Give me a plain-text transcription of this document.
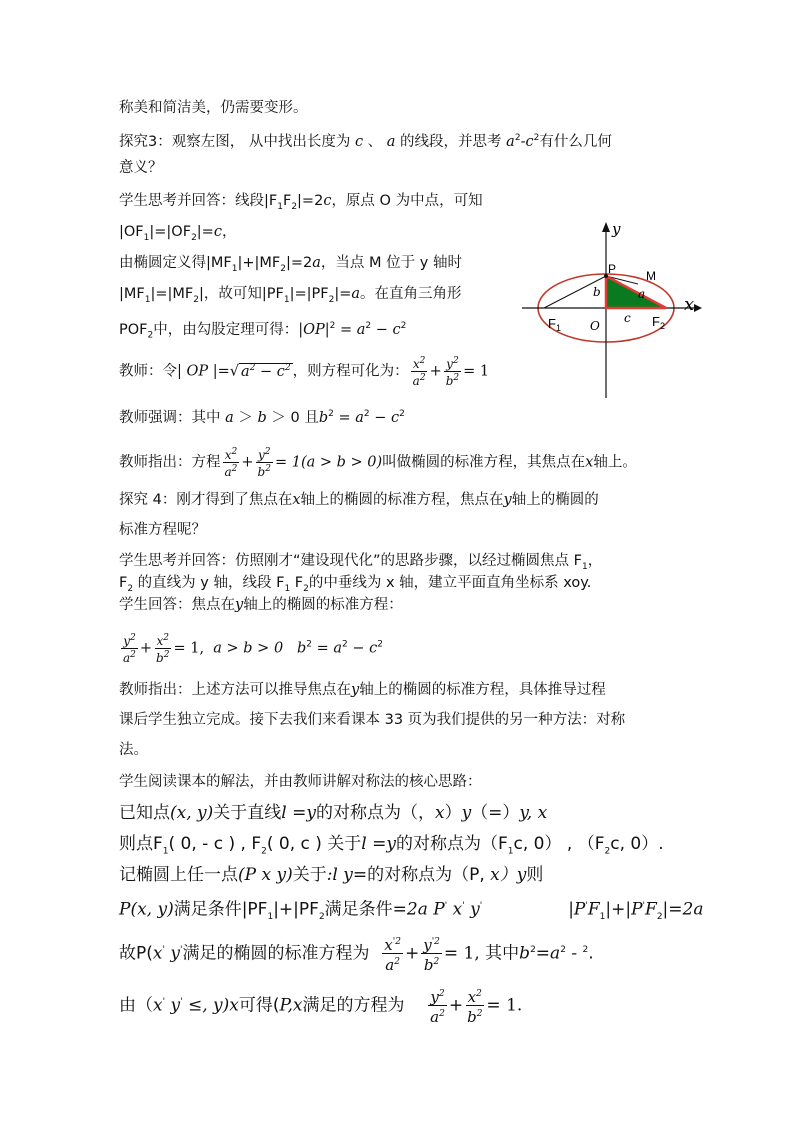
称美和简洁美，仍需要变形。
探究3：观察左图， 从中找出长度为 c 、 a 的线段，并思考 $a^2-c^2$有什么几何
意义？
学生思考并回答：线段$|F_1F_2|=2c$，原点 O 为中点，可知
$|OF_1|=|OF_2|=c$，
由椭圆定义得$|MF_1|+|MF_2|=2a$，当点 M 位于 y 轴时
$|MF_1|=|MF_2|$，故可知$|PF_1|=|PF_2|=a$。在直角三角形
$POF_2$中，由勾股定理可得：$|OP|^2 = a^2 - c^2$
教师：令| OP |=√ $a^2 - c^2$ ，则方程可化为： $\frac{x^2}{a^2} + \frac{y^2}{b^2} = 1$
教师强调：其中 a ＞ b ＞ 0 且$b^2 = a^2 - c^2$
教师指出：方程 $\frac{x^2}{a^2} + \frac{y^2}{b^2} = 1(a > b > 0)$叫做椭圆的标准方程，其焦点在x轴上。
探究 4：刚才得到了焦点在x轴上的椭圆的标准方程，焦点在y轴上的椭圆的
标准方程呢？
学生思考并回答：仿照刚才“建设现代化”的思路步骤，以经过椭圆焦点 $F_1$，
$F_2$ 的直线为 y 轴，线段 $F_1$ $F_2$的中垂线为 x 轴，建立平面直角坐标系 xoy.
学生回答：焦点在y轴上的椭圆的标准方程：
$\frac{y^2}{a^2} + \frac{x^2}{b^2} = 1$, a > b > 0 $b^2 = a^2 - c^2$
教师指出：上述方法可以推导焦点在y轴上的椭圆的标准方程，具体推导过程
课后学生独立完成。接下去我们来看课本 33 页为我们提供的另一种方法：对称
法。
学生阅读课本的解法，并由教师讲解对称法的核心思路：
已知点(x, y)关于直线l =y的对称点为（，x）y（=）y, x
则点$F_1$( 0, - c ) , $F_2$( 0, c ) 关于l =y的对称点为（$F_1c$, 0） , （$F_2c$, 0）.
记椭圆上任一点(P x y)关于:l y=的对称点为（P, x）y则
P(x, y)满足条件$|PF_1|+|PF_2$满足条件=2a P' x' y'	$|P'F_1|+|P'F_2|=2a$
故P(x' y'满足的椭圆的标准方程为 $\frac{x^{'2}}{a^2} + \frac{y^{'2}}{b^2} = 1$, 其中$b^2=a^2 - ^2$.
由（x' y' ≤, y)x可得(P,x满足的方程为 $\frac{y^2}{a^2} + \frac{x^2}{b^2} = 1$.
y
x
P M
b	a
c
O
$F_1$	$F_2$
